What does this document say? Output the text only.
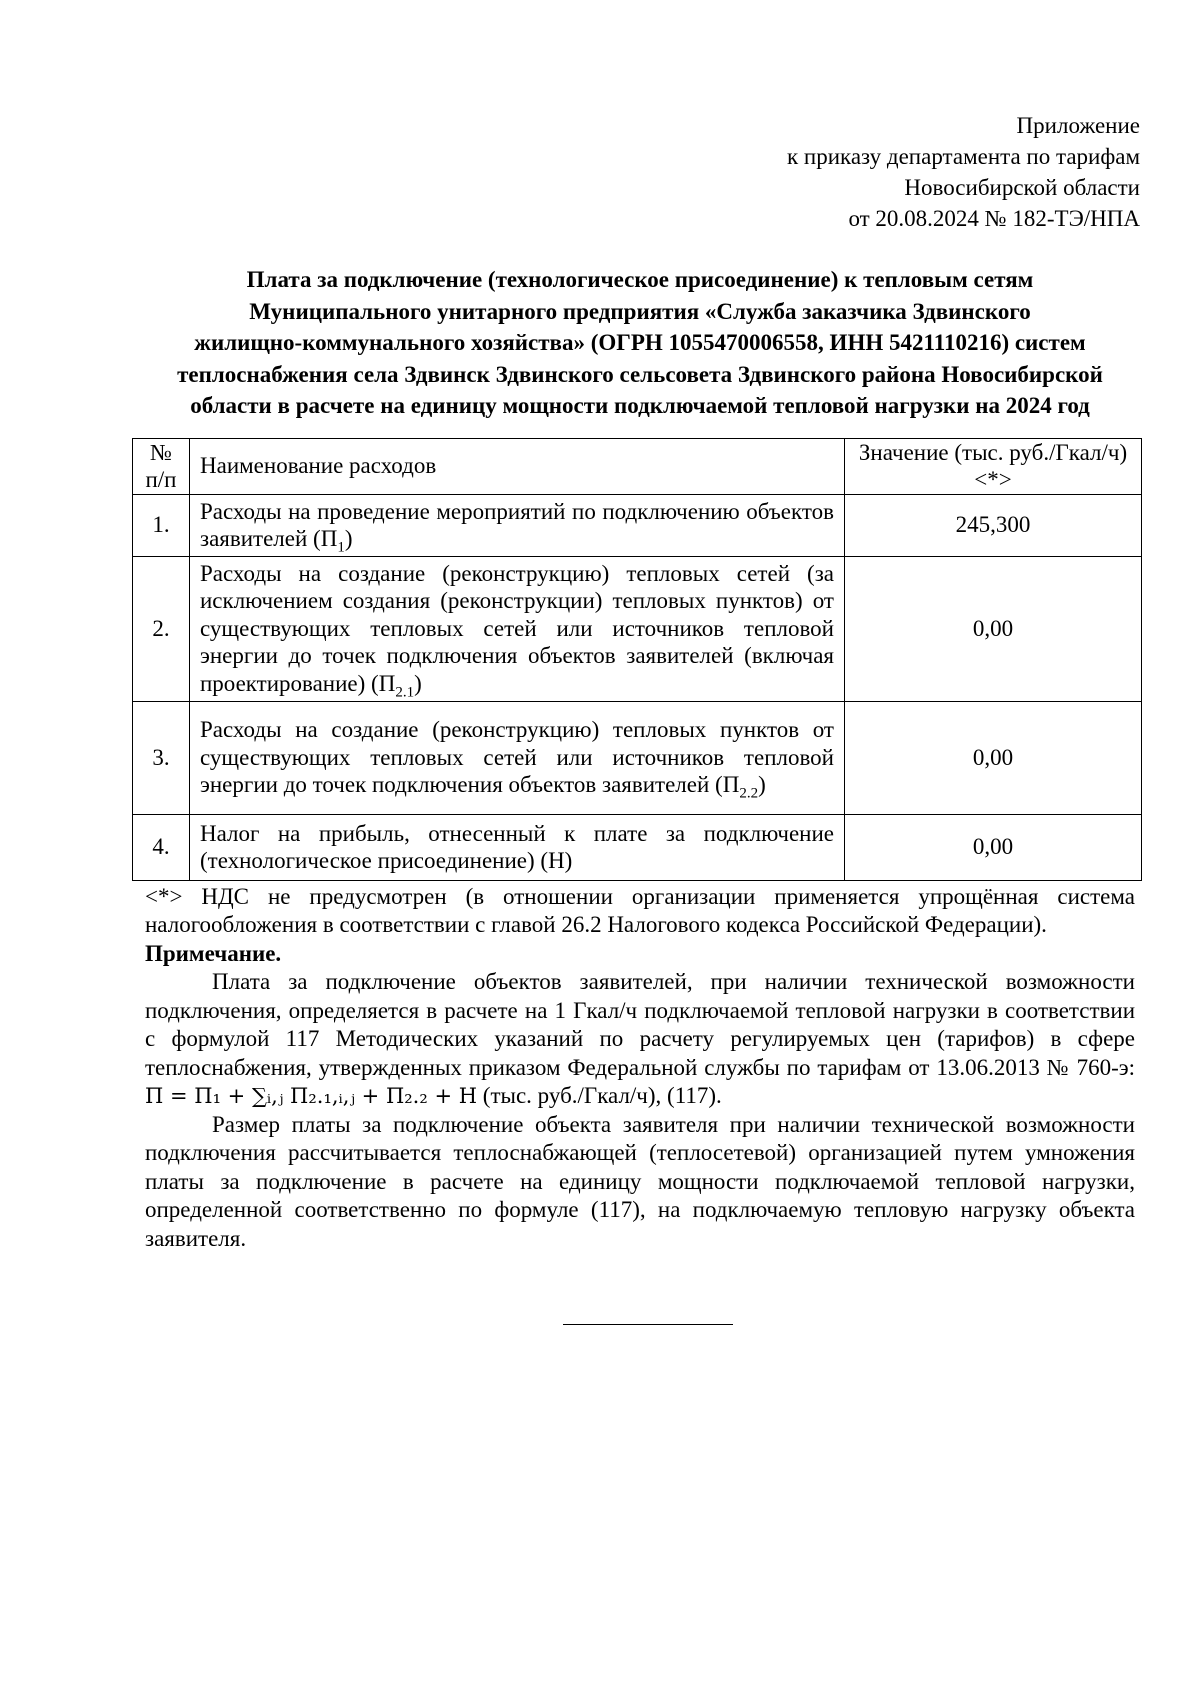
Приложение
к приказу департамента по тарифам
Новосибирской области
от 20.08.2024 № 182-ТЭ/НПА
Плата за подключение (технологическое присоединение) к тепловым сетям
Муниципального унитарного предприятия «Служба заказчика Здвинского
жилищно-коммунального хозяйства» (ОГРН 1055470006558, ИНН 5421110216) систем
теплоснабжения села Здвинск Здвинского сельсовета Здвинского района Новосибирской
области в расчете на единицу мощности подключаемой тепловой нагрузки на 2024 год
№ п/п	Наименование расходов	Значение (тыс. руб./Гкал/ч)<*>
1.	Расходы на проведение мероприятий по подключению объектов заявителей $(П_1)$	245,300
2.	Расходы на создание (реконструкцию) тепловых сетей (за исключением создания (реконструкции) тепловых пунктов) от существующих тепловых сетей или источников тепловой энергии до точек подключения объектов заявителей (включая проектирование) $(П_{2.1})$	0,00
3.	Расходы на создание (реконструкцию) тепловых пунктов от существующих тепловых сетей или источников тепловой энергии до точек подключения объектов заявителей $(П_{2.2})$	0,00
4.	Налог на прибыль, отнесенный к плате за подключение (технологическое присоединение) (Н)	0,00

<*> НДС не предусмотрен (в отношении организации применяется упрощённая система

налогообложения в соответствии с главой 26.2 Налогового кодекса Российской Федерации).

Примечание.

Плата за подключение объектов заявителей, при наличии технической возможности подключения, определяется в расчете на 1 Гкал/ч подключаемой тепловой нагрузки в соответствии с формулой 117 Методических указаний по расчету регулируемых цен (тарифов) в сфере теплоснабжения, утвержденных приказом Федеральной службы по тарифам от 13.06.2013 № 760-э: П = П₁ + ∑ᵢ,ⱼ П₂.₁,ᵢ,ⱼ + П₂.₂ + Н (тыс. руб./Гкал/ч), (117).

Размер платы за подключение объекта заявителя при наличии технической возможности подключения рассчитывается теплоснабжающей (теплосетевой) организацией путем умножения платы за подключение в расчете на единицу мощности подключаемой тепловой нагрузки, определенной соответственно по формуле (117), на подключаемую тепловую нагрузку объекта заявителя.
